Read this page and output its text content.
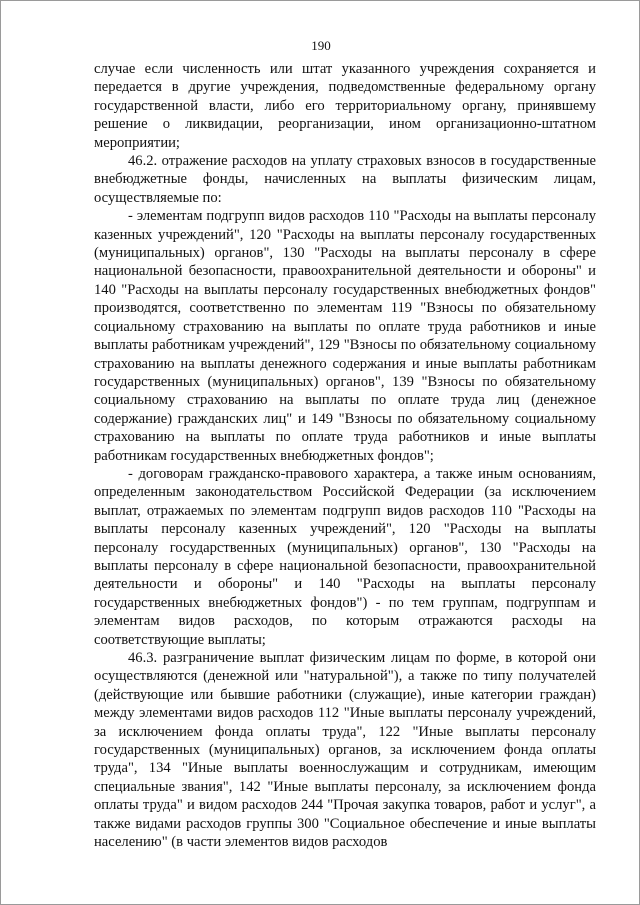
190

случае если численность или штат указанного учреждения сохраняется и передается в другие учреждения, подведомственные федеральному органу государственной власти, либо его территориальному органу, принявшему решение о ликвидации, реорганизации, ином организационно-штатном мероприятии;

46.2. отражение расходов на уплату страховых взносов в государственные внебюджетные фонды, начисленных на выплаты физическим лицам, осуществляемые по:

- элементам подгрупп видов расходов 110 "Расходы на выплаты персоналу казенных учреждений", 120 "Расходы на выплаты персоналу государственных (муниципальных) органов", 130 "Расходы на выплаты персоналу в сфере национальной безопасности, правоохранительной деятельности и обороны" и 140 "Расходы на выплаты персоналу государственных внебюджетных фондов" производятся, соответственно по элементам 119 "Взносы по обязательному социальному страхованию на выплаты по оплате труда работников и иные выплаты работникам учреждений", 129 "Взносы по обязательному социальному страхованию на выплаты денежного содержания и иные выплаты работникам государственных (муниципальных) органов", 139 "Взносы по обязательному социальному страхованию на выплаты по оплате труда лиц (денежное содержание) гражданских лиц" и 149 "Взносы по обязательному социальному страхованию на выплаты по оплате труда работников и иные выплаты работникам государственных внебюджетных фондов";

- договорам гражданско-правового характера, а также иным основаниям, определенным законодательством Российской Федерации (за исключением выплат, отражаемых по элементам подгрупп видов расходов 110 "Расходы на выплаты персоналу казенных учреждений", 120 "Расходы на выплаты персоналу государственных (муниципальных) органов", 130 "Расходы на выплаты персоналу в сфере национальной безопасности, правоохранительной деятельности и обороны" и 140 "Расходы на выплаты персоналу государственных внебюджетных фондов") - по тем группам, подгруппам и элементам видов расходов, по которым отражаются расходы на соответствующие выплаты;

46.3. разграничение выплат физическим лицам по форме, в которой они осуществляются (денежной или "натуральной"), а также по типу получателей (действующие или бывшие работники (служащие), иные категории граждан) между элементами видов расходов 112 "Иные выплаты персоналу учреждений, за исключением фонда оплаты труда", 122 "Иные выплаты персоналу государственных (муниципальных) органов, за исключением фонда оплаты труда", 134 "Иные выплаты военнослужащим и сотрудникам, имеющим специальные звания", 142 "Иные выплаты персоналу, за исключением фонда оплаты труда" и видом расходов 244 "Прочая закупка товаров, работ и услуг", а также видами расходов группы 300 "Социальное обеспечение и иные выплаты населению" (в части элементов видов расходов
